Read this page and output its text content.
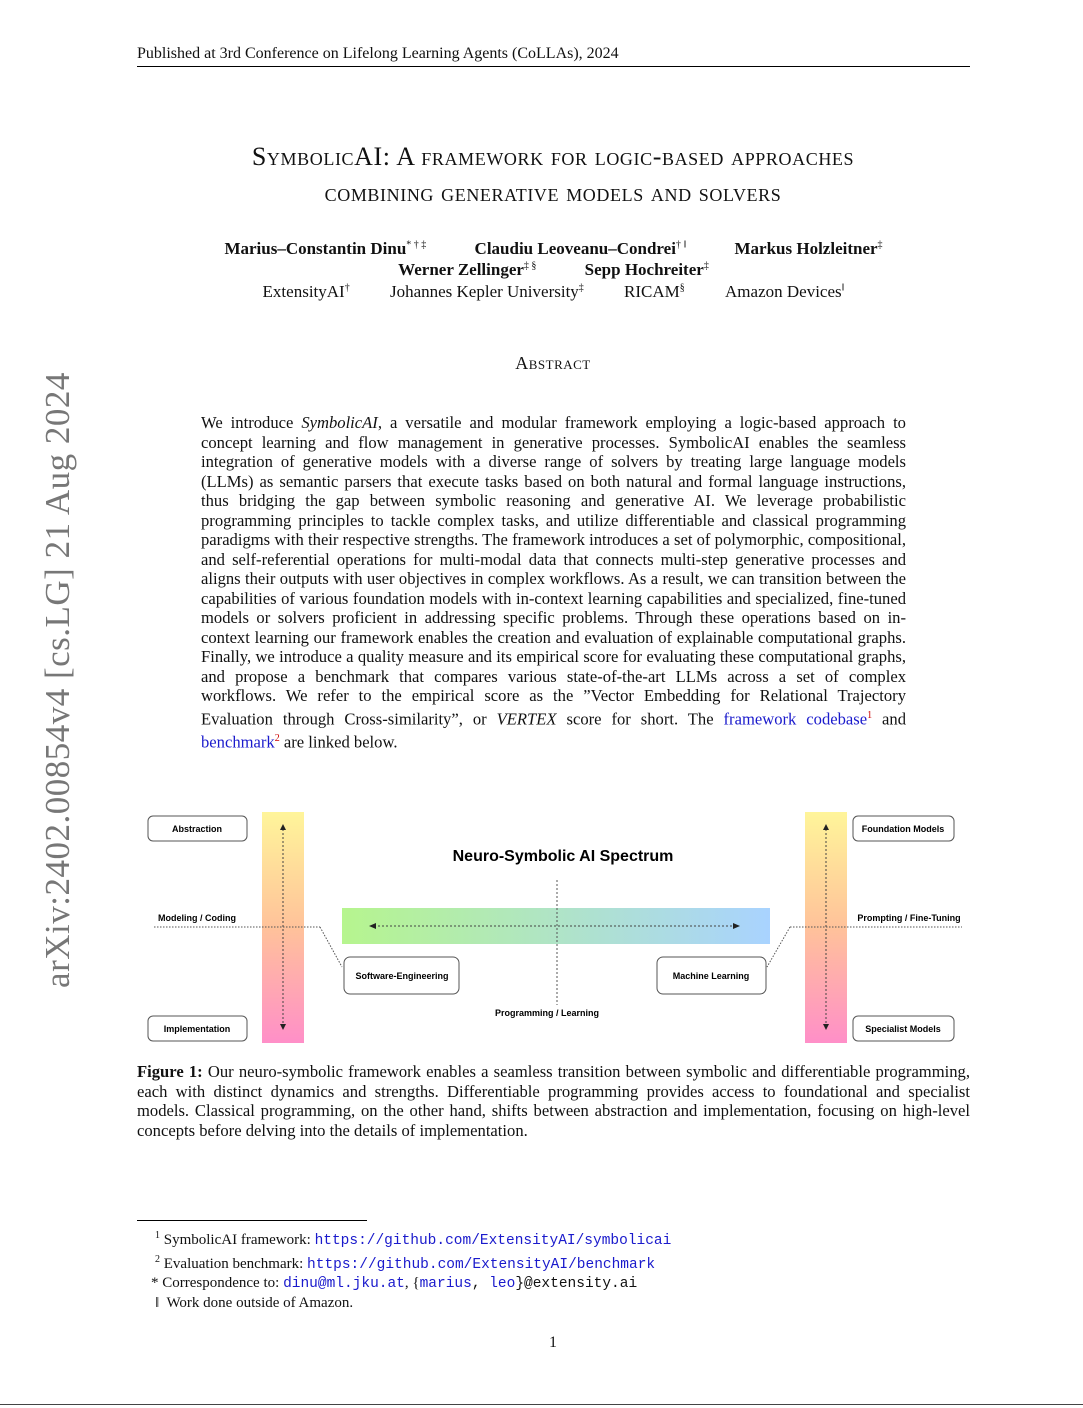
Published at 3rd Conference on Lifelong Learning Agents (CoLLAs), 2024
arXiv:2402.00854v4 [cs.LG] 21 Aug 2024
SymbolicAI: A framework for logic-based approaches
combining generative models and solvers
Marius–Constantin Dinu* † ‡	Claudiu Leoveanu–Condrei† ‖	Markus Holzleitner‡
Werner Zellinger‡ §	Sepp Hochreiter‡
ExtensityAI† Johannes Kepler University‡ RICAM§ Amazon Devices‖
Abstract
We introduce SymbolicAI, a versatile and modular framework employing a logic-based approach to concept learning and flow management in generative processes. SymbolicAI enables the seamless integration of generative models with a diverse range of solvers by treating large language models (LLMs) as semantic parsers that execute tasks based on both natural and formal language instructions, thus bridging the gap between symbolic reasoning and generative AI. We leverage probabilistic programming principles to tackle complex tasks, and utilize differentiable and classical programming paradigms with their respective strengths. The framework introduces a set of polymorphic, compositional, and self-referential operations for multi-modal data that connects multi-step generative processes and aligns their outputs with user objectives in complex workflows. As a result, we can transition between the capabilities of various foundation models with in-context learning capabilities and specialized, fine-tuned models or solvers proficient in addressing specific problems. Through these operations based on in-context learning our framework enables the creation and evaluation of explainable computational graphs. Finally, we introduce a quality measure and its empirical score for evaluating these computational graphs, and propose a benchmark that compares various state-of-the-art LLMs across a set of complex workflows. We refer to the empirical score as the ”Vector Embedding for Relational Trajectory Evaluation through Cross-similarity”, or VERTEX score for short. The framework codebase$^1$ and benchmark$^2$ are linked below.
Abstraction
Implementation
Foundation Models
Specialist Models
Modeling / Coding	Prompting / Fine-Tuning
Neuro-Symbolic AI Spectrum
Software-Engineering	Machine Learning
Programming / Learning
Figure 1: Our neuro-symbolic framework enables a seamless transition between symbolic and differentiable programming, each with distinct dynamics and strengths. Differentiable programming provides access to foundational and specialist models. Classical programming, on the other hand, shifts between abstraction and implementation, focusing on high-level concepts before delving into the details of implementation.
$^1$ SymbolicAI framework: https://github.com/ExtensityAI/symbolicai
$^2$ Evaluation benchmark: https://github.com/ExtensityAI/benchmark
* Correspondence to: dinu@ml.jku.at, {marius, leo}@extensity.ai
‖ Work done outside of Amazon.
1
